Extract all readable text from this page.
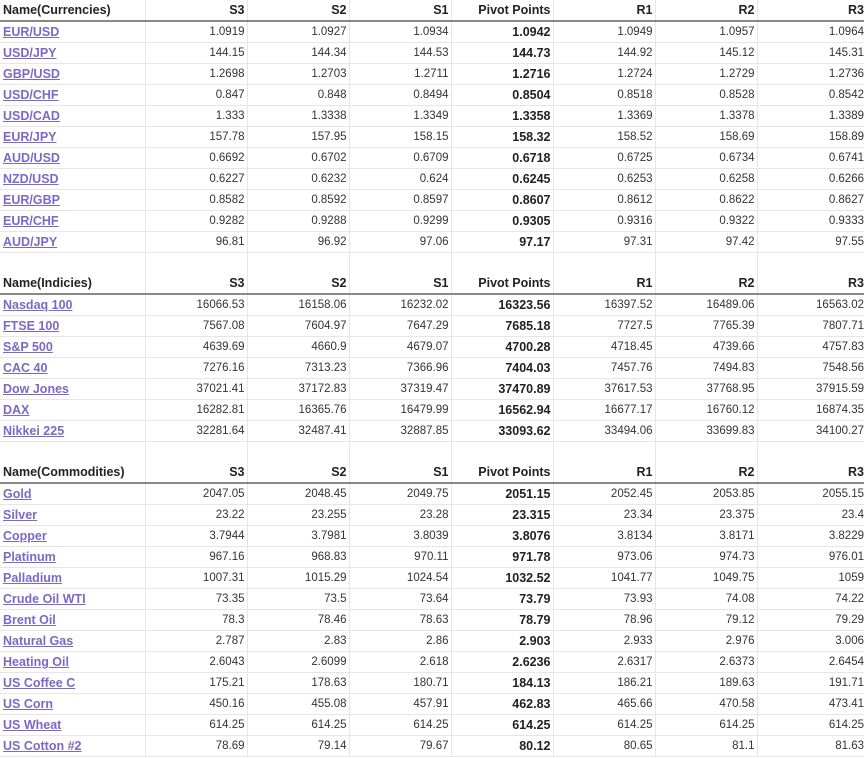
Name(Currencies)	S3	S2	S1	Pivot Points	R1	R2	R3
EUR/USD	1.0919	1.0927	1.0934	1.0942	1.0949	1.0957	1.0964
USD/JPY	144.15	144.34	144.53	144.73	144.92	145.12	145.31
GBP/USD	1.2698	1.2703	1.2711	1.2716	1.2724	1.2729	1.2736
USD/CHF	0.847	0.848	0.8494	0.8504	0.8518	0.8528	0.8542
USD/CAD	1.333	1.3338	1.3349	1.3358	1.3369	1.3378	1.3389
EUR/JPY	157.78	157.95	158.15	158.32	158.52	158.69	158.89
AUD/USD	0.6692	0.6702	0.6709	0.6718	0.6725	0.6734	0.6741
NZD/USD	0.6227	0.6232	0.624	0.6245	0.6253	0.6258	0.6266
EUR/GBP	0.8582	0.8592	0.8597	0.8607	0.8612	0.8622	0.8627
EUR/CHF	0.9282	0.9288	0.9299	0.9305	0.9316	0.9322	0.9333
AUD/JPY	96.81	96.92	97.06	97.17	97.31	97.42	97.55

Name(Indicies)	S3	S2	S1	Pivot Points	R1	R2	R3
Nasdaq 100	16066.53	16158.06	16232.02	16323.56	16397.52	16489.06	16563.02
FTSE 100	7567.08	7604.97	7647.29	7685.18	7727.5	7765.39	7807.71
S&P 500	4639.69	4660.9	4679.07	4700.28	4718.45	4739.66	4757.83
CAC 40	7276.16	7313.23	7366.96	7404.03	7457.76	7494.83	7548.56
Dow Jones	37021.41	37172.83	37319.47	37470.89	37617.53	37768.95	37915.59
DAX	16282.81	16365.76	16479.99	16562.94	16677.17	16760.12	16874.35
Nikkei 225	32281.64	32487.41	32887.85	33093.62	33494.06	33699.83	34100.27

Name(Commodities)	S3	S2	S1	Pivot Points	R1	R2	R3
Gold	2047.05	2048.45	2049.75	2051.15	2052.45	2053.85	2055.15
Silver	23.22	23.255	23.28	23.315	23.34	23.375	23.4
Copper	3.7944	3.7981	3.8039	3.8076	3.8134	3.8171	3.8229
Platinum	967.16	968.83	970.11	971.78	973.06	974.73	976.01
Palladium	1007.31	1015.29	1024.54	1032.52	1041.77	1049.75	1059
Crude Oil WTI	73.35	73.5	73.64	73.79	73.93	74.08	74.22
Brent Oil	78.3	78.46	78.63	78.79	78.96	79.12	79.29
Natural Gas	2.787	2.83	2.86	2.903	2.933	2.976	3.006
Heating Oil	2.6043	2.6099	2.618	2.6236	2.6317	2.6373	2.6454
US Coffee C	175.21	178.63	180.71	184.13	186.21	189.63	191.71
US Corn	450.16	455.08	457.91	462.83	465.66	470.58	473.41
US Wheat	614.25	614.25	614.25	614.25	614.25	614.25	614.25
US Cotton #2	78.69	79.14	79.67	80.12	80.65	81.1	81.63
